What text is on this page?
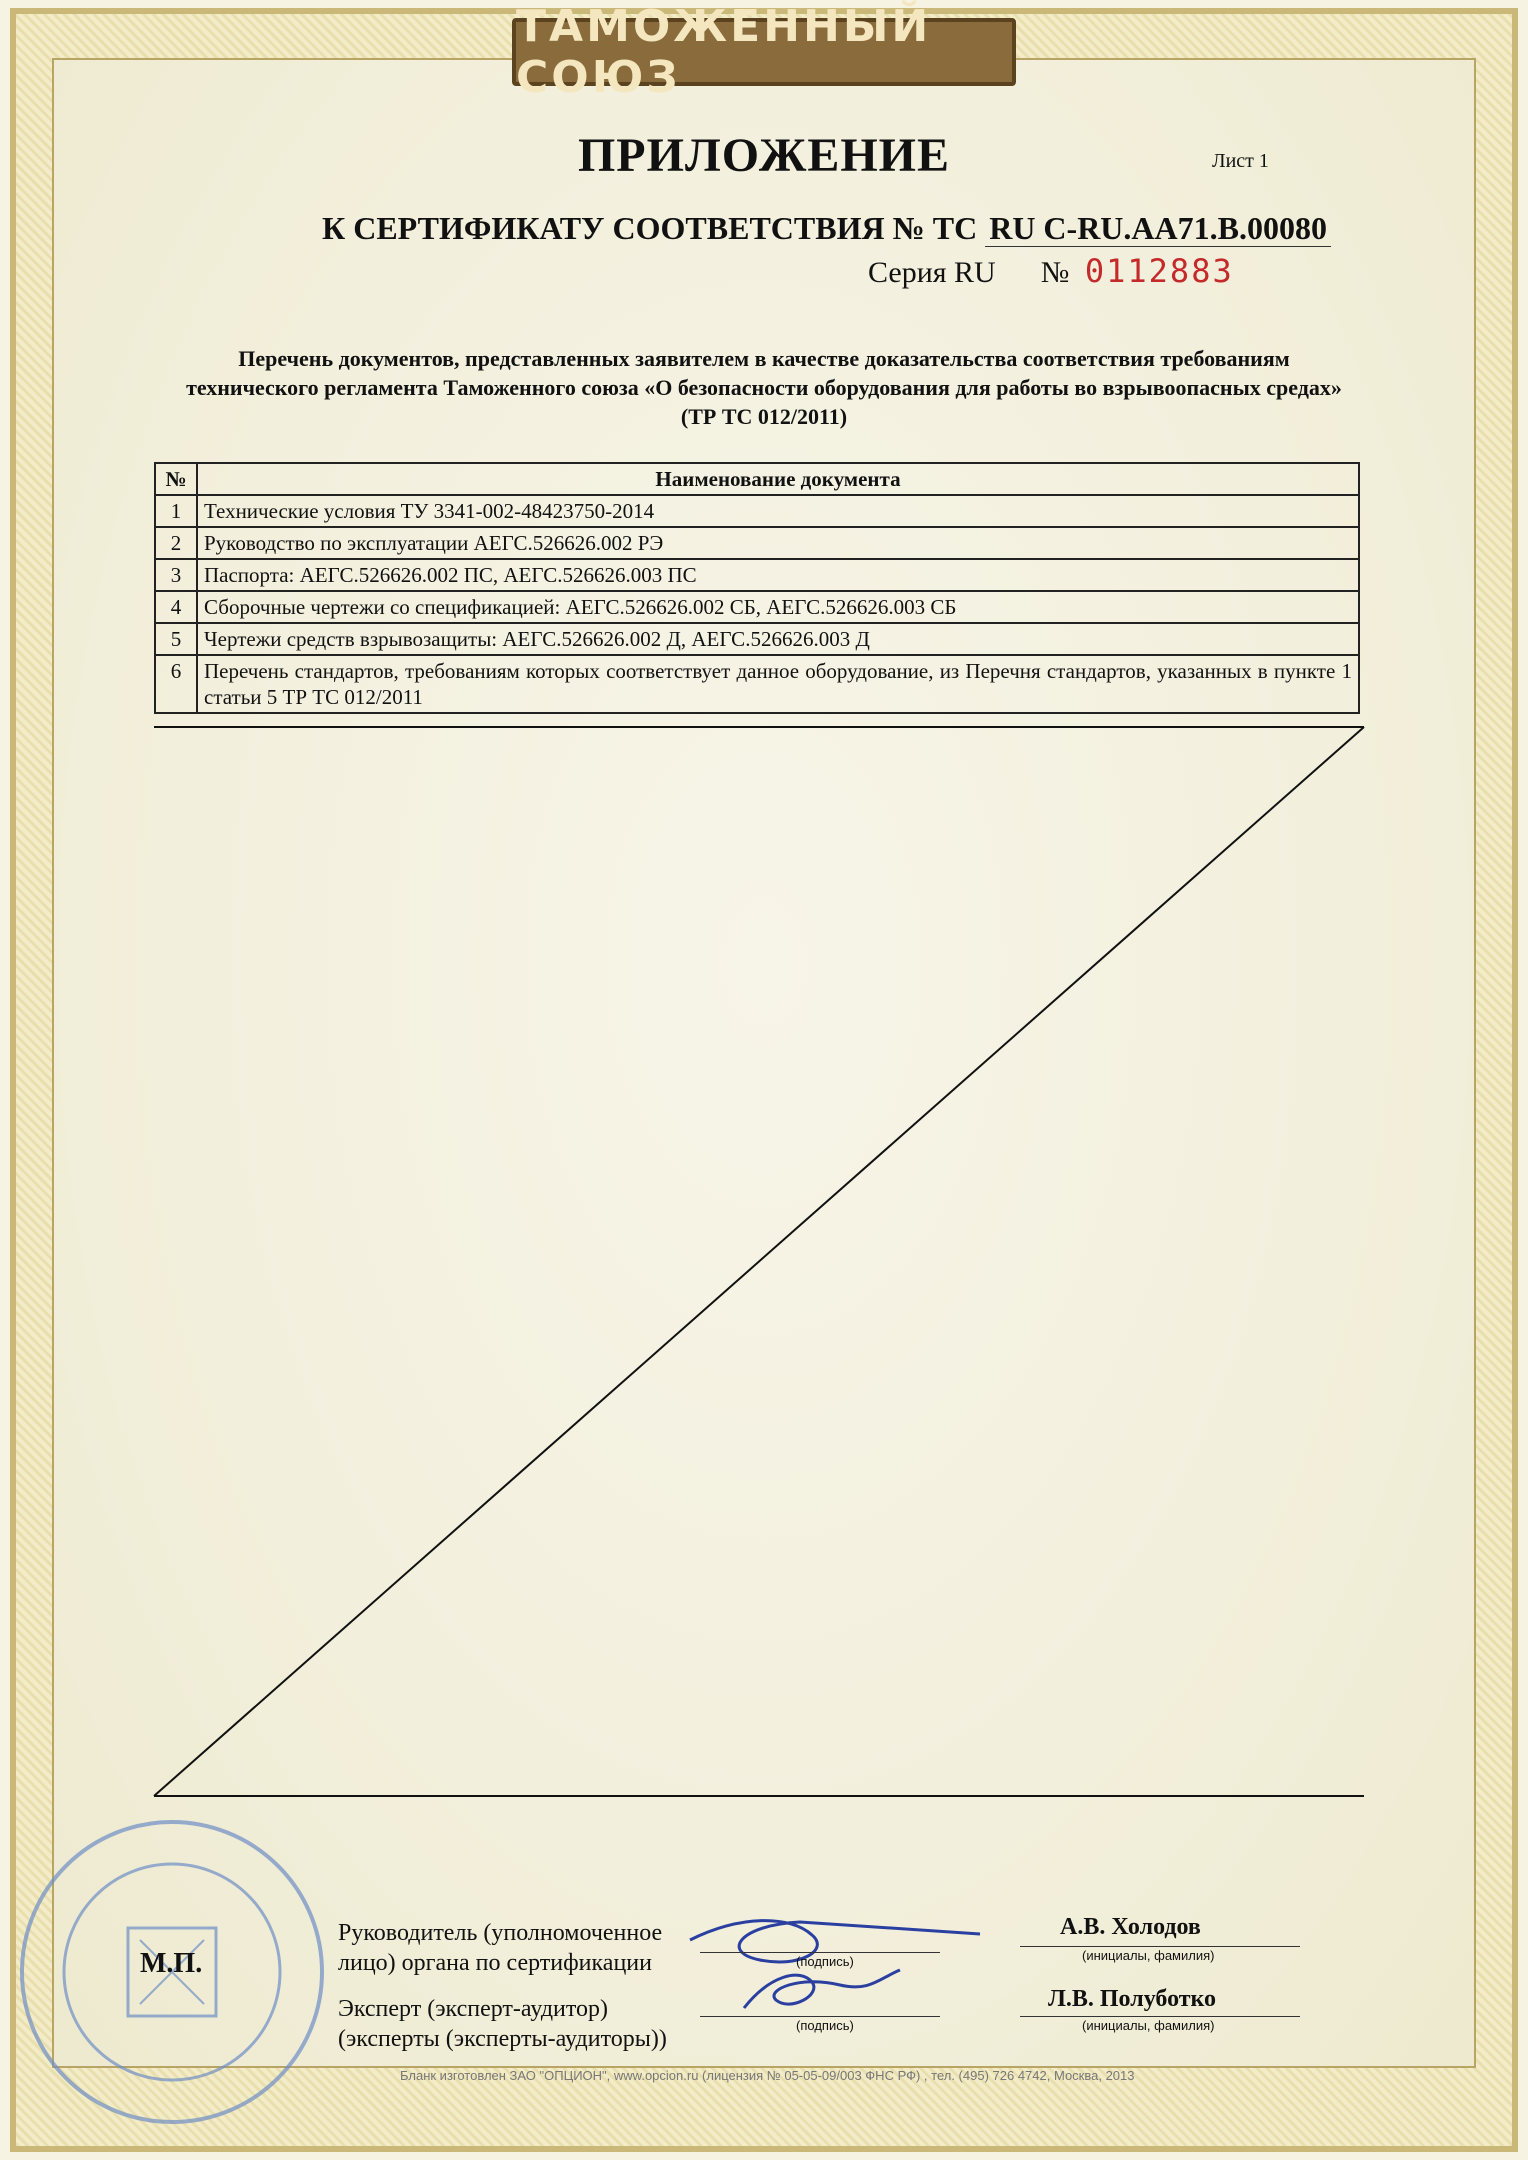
ТАМОЖЕННЫЙ СОЮЗ
ПРИЛОЖЕНИЕ	Лист 1
К СЕРТИФИКАТУ СООТВЕТСТВИЯ № ТС RU C-RU.AA71.B.00080
Серия RU № 0112883
Перечень документов, представленных заявителем в качестве доказательства соответствия требованиям технического регламента Таможенного союза «О безопасности оборудования для работы во взрывоопасных средах» (ТР ТС 012/2011)
№	Наименование документа
1	Технические условия ТУ 3341-002-48423750-2014
2	Руководство по эксплуатации АЕГС.526626.002 РЭ
3	Паспорта: АЕГС.526626.002 ПС, АЕГС.526626.003 ПС
4	Сборочные чертежи со спецификацией: АЕГС.526626.002 СБ, АЕГС.526626.003 СБ
5	Чертежи средств взрывозащиты: АЕГС.526626.002 Д, АЕГС.526626.003 Д
6	Перечень стандартов, требованиям которых соответствует данное оборудование, из Перечня стандартов, указанных в пункте 1 статьи 5 ТР ТС 012/2011
М.П.
Руководитель (уполномоченное
лицо) органа по сертификации	(подпись)
А.В. Холодов
(инициалы, фамилия)
Эксперт (эксперт-аудитор)
(эксперты (эксперты-аудиторы))
(подпись)
Л.В. Полуботко
(инициалы, фамилия)
Бланк изготовлен ЗАО "ОПЦИОН", www.opcion.ru (лицензия № 05-05-09/003 ФНС РФ) , тел. (495) 726 4742, Москва, 2013
